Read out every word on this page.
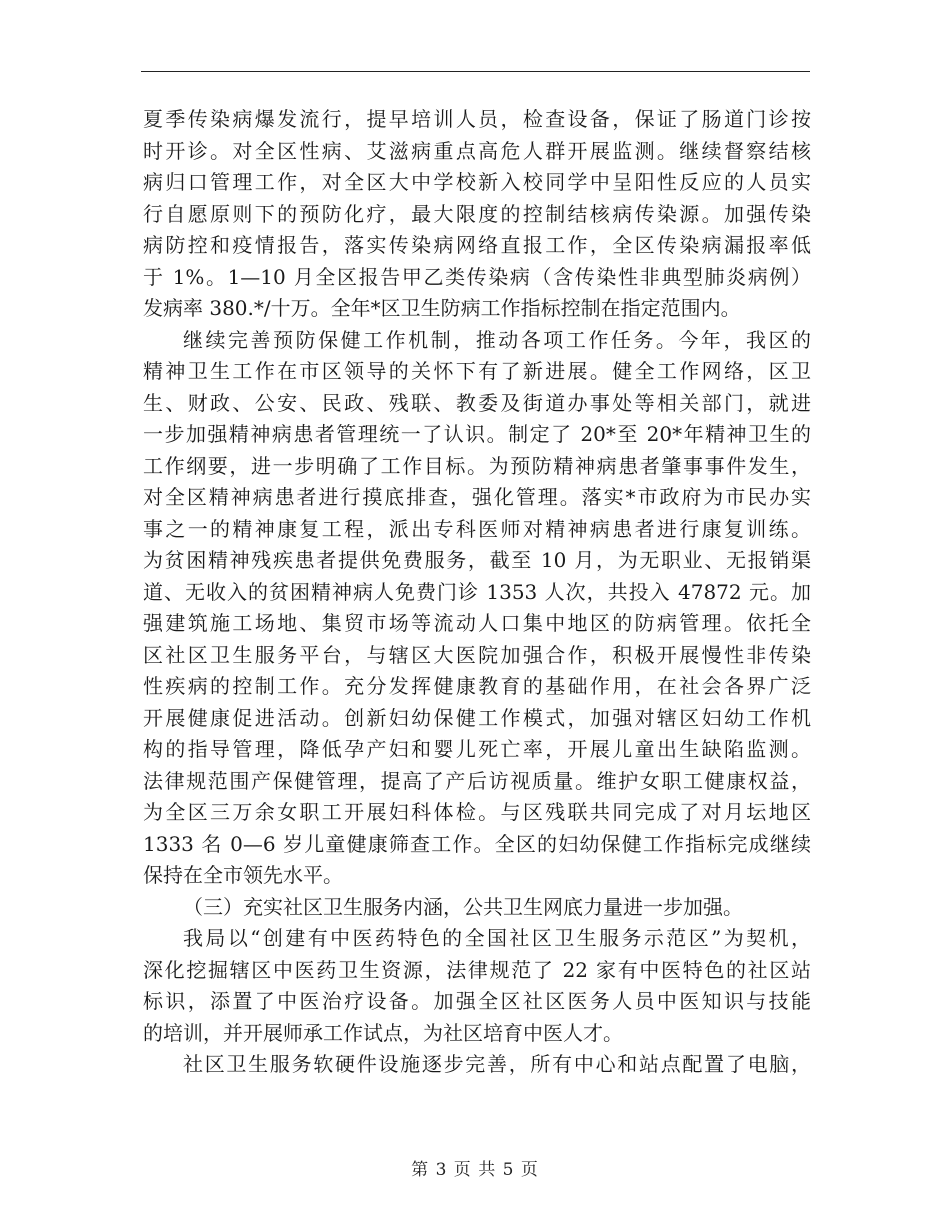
夏季传染病爆发流行，提早培训人员，检查设备，保证了肠道门诊按
时开诊。对全区性病、艾滋病重点高危人群开展监测。继续督察结核
病归口管理工作，对全区大中学校新入校同学中呈阳性反应的人员实
行自愿原则下的预防化疗，最大限度的控制结核病传染源。加强传染
病防控和疫情报告，落实传染病网络直报工作，全区传染病漏报率低
于 1%。1—10 月全区报告甲乙类传染病（含传染性非典型肺炎病例）
发病率 380.*/十万。全年*区卫生防病工作指标控制在指定范围内。
继续完善预防保健工作机制，推动各项工作任务。今年，我区的
精神卫生工作在市区领导的关怀下有了新进展。健全工作网络，区卫
生、财政、公安、民政、残联、教委及街道办事处等相关部门，就进
一步加强精神病患者管理统一了认识。制定了 20*至 20*年精神卫生的
工作纲要，进一步明确了工作目标。为预防精神病患者肇事事件发生，
对全区精神病患者进行摸底排查，强化管理。落实*市政府为市民办实
事之一的精神康复工程，派出专科医师对精神病患者进行康复训练。
为贫困精神残疾患者提供免费服务，截至 10 月，为无职业、无报销渠
道、无收入的贫困精神病人免费门诊 1353 人次，共投入 47872 元。加
强建筑施工场地、集贸市场等流动人口集中地区的防病管理。依托全
区社区卫生服务平台，与辖区大医院加强合作，积极开展慢性非传染
性疾病的控制工作。充分发挥健康教育的基础作用，在社会各界广泛
开展健康促进活动。创新妇幼保健工作模式，加强对辖区妇幼工作机
构的指导管理，降低孕产妇和婴儿死亡率，开展儿童出生缺陷监测。
法律规范围产保健管理，提高了产后访视质量。维护女职工健康权益，
为全区三万余女职工开展妇科体检。与区残联共同完成了对月坛地区
1333 名 0—6 岁儿童健康筛查工作。全区的妇幼保健工作指标完成继续
保持在全市领先水平。
（三）充实社区卫生服务内涵，公共卫生网底力量进一步加强。
我局以“创建有中医药特色的全国社区卫生服务示范区”为契机，
深化挖掘辖区中医药卫生资源，法律规范了 22 家有中医特色的社区站
标识，添置了中医治疗设备。加强全区社区医务人员中医知识与技能
的培训，并开展师承工作试点，为社区培育中医人才。
社区卫生服务软硬件设施逐步完善，所有中心和站点配置了电脑，
第 3 页 共 5 页
